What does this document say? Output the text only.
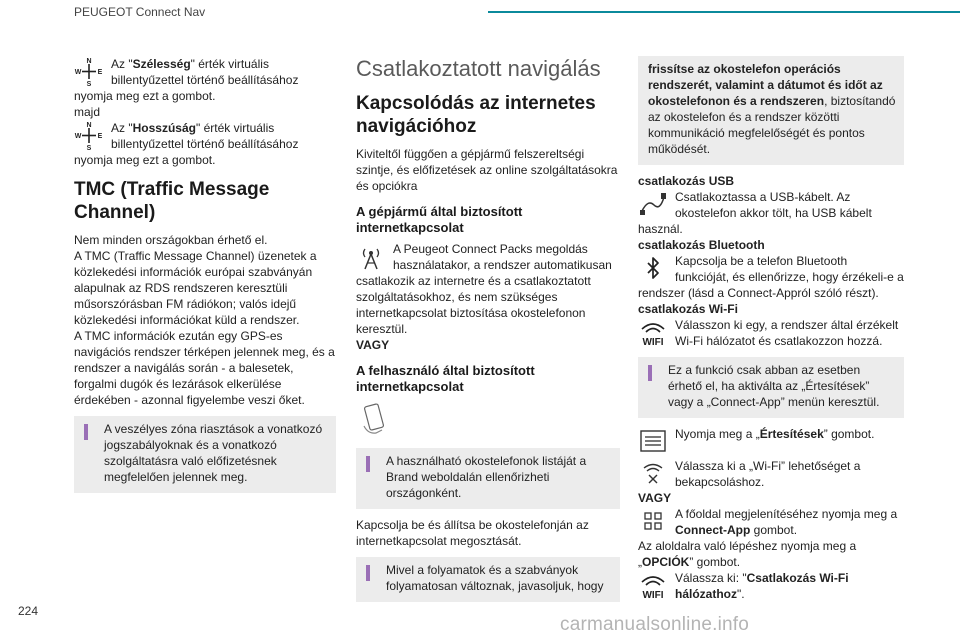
PEUGEOT Connect Nav
N
S
W E
Az "Szélesség" érték virtuális billentyűzettel történő beállításához nyomja meg ezt a gombot.

majd

N
S
W E
Az "Hosszúság" érték virtuális billentyűzettel történő beállításához nyomja meg ezt a gombot.
TMC (Traffic Message Channel)

Nem minden országokban érhető el.

A TMC (Traffic Message Channel) üzenetek a közlekedési információk európai szabványán alapulnak az RDS rendszeren keresztüli műsorszórásban FM rádiókon; valós idejű közlekedési információkat küld a rendszer.

A TMC információk ezután egy GPS-es navigációs rendszer térképen jelennek meg, és a rendszer a navigálás során - a balesetek, forgalmi dugók és lezárások elkerülése érdekében - azonnal figyelembe veszi őket.

A veszélyes zóna riasztások a vonatkozó jogszabályoknak és a vonatkozó szolgáltatásra való előfizetésnek megfelelően jelennek meg.
Csatlakoztatott navigálás
Kapcsolódás az internetes navigációhoz

Kiviteltől függően a gépjármű felszereltségi szintje, és előfizetések az online szolgáltatásokra és opciókra

A gépjármű által biztosított internetkapcsolat
A Peugeot Connect Packs megoldás használatakor, a rendszer automatikusan csatlakozik az internetre és a csatlakoztatott szolgáltatásokhoz, és nem szükséges internetkapcsolat biztosítása okostelefonon keresztül.

VAGY

A felhasználó által biztosított internetkapcsolat
A használható okostelefonok listáját a Brand weboldalán ellenőrizheti országonként.

Kapcsolja be és állítsa be okostelefonján az internetkapcsolat megosztását.

Mivel a folyamatok és a szabványok folyamatosan változnak, javasoljuk, hogy
frissítse az okostelefon operációs rendszerét, valamint a dátumot és időt az okostelefonon és a rendszeren, biztosítandó az okostelefon és a rendszer közötti kommunikáció megfelelőségét és pontos működését.

csatlakozás USB

Csatlakoztassa a USB-kábelt. Az okostelefon akkor tölt, ha USB kábelt használ.

csatlakozás Bluetooth

Kapcsolja be a telefon Bluetooth funkcióját, és ellenőrizze, hogy érzékeli-e a rendszer (lásd a Connect-Appról szóló részt).

csatlakozás Wi-Fi

WIFI
Válasszon ki egy, a rendszer által érzékelt Wi-Fi hálózatot és csatlakozzon hozzá.
Ez a funkció csak abban az esetben érhető el, ha aktiválta az „Értesítések” vagy a „Connect-App” menün keresztül.
Nyomja meg a „Értesítések” gombot.
Válassza ki a „Wi-Fi” lehetőséget a bekapcsoláshoz.

VAGY

A főoldal megjelenítéséhez nyomja meg a Connect-App gombot.

Az aloldalra való lépéshez nyomja meg a „OPCIÓK” gombot.

WIFI
Válassza ki: "Csatlakozás Wi-Fi hálózathoz".
224
carmanualsonline.info
